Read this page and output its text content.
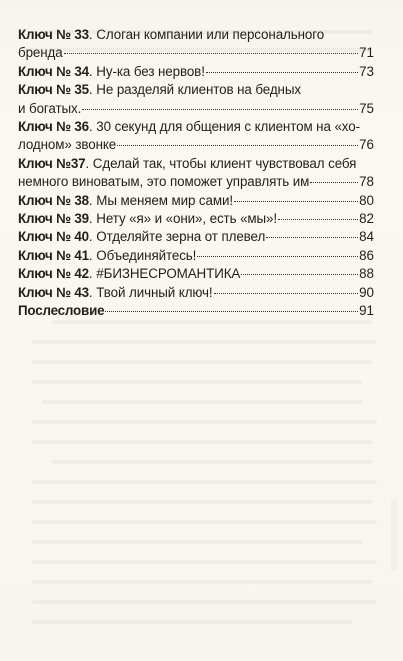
Ключ № 33. Слоган компании или персонального
бренда	71
Ключ № 34 . Ну-ка без нервов!	73
Ключ № 35. Не разделяй клиентов на бедных
и богатых.	75
Ключ № 36. 30 секунд для общения с клиентом на «хо-
лодном» звонке	76
Ключ №37. Сделай так, чтобы клиент чувствовал себя
немного виноватым, это поможет управлять им	78
Ключ № 38 . Мы меняем мир сами!	80
Ключ № 39 . Нету «я» и «они», есть «мы»!	82
Ключ № 40 . Отделяйте зерна от плевел	84
Ключ № 41 . Объединяйтесь!	86
Ключ № 42 . #БИЗНЕСРОМАНТИКА	88
Ключ № 43 . Твой личный ключ!	90
Послесловие	91
